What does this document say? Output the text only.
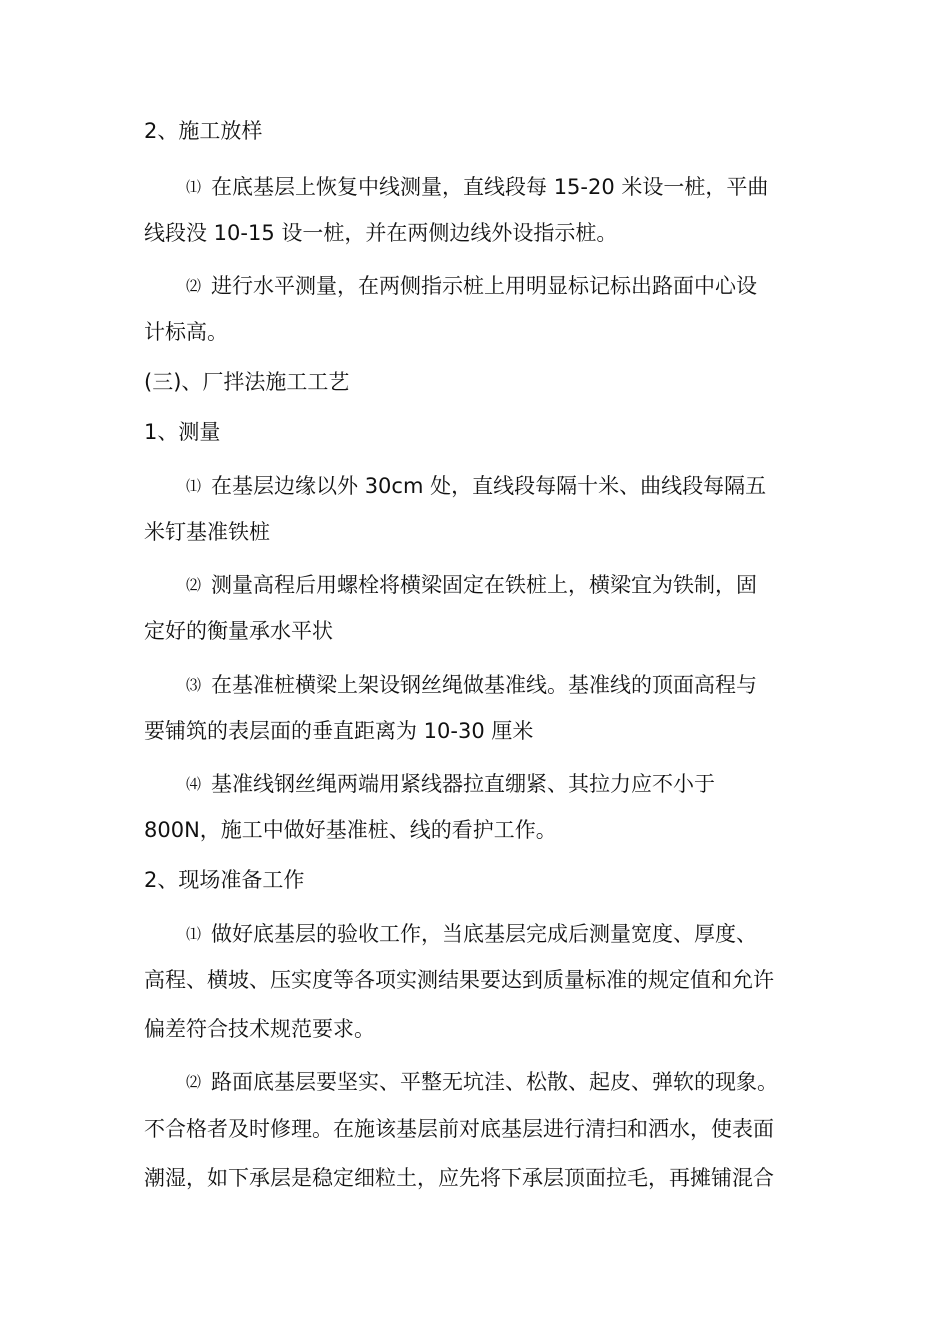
2、施工放样
⑴ 在底基层上恢复中线测量，直线段每 15-20 米设一桩，平曲
线段没 10-15 设一桩，并在两侧边线外设指示桩。
⑵ 进行水平测量，在两侧指示桩上用明显标记标出路面中心设
计标高。
(三)、厂拌法施工工艺
1、测量
⑴ 在基层边缘以外 30cm 处，直线段每隔十米、曲线段每隔五
米钉基准铁桩
⑵ 测量高程后用螺栓将横梁固定在铁桩上，横梁宜为铁制，固
定好的衡量承水平状
⑶ 在基准桩横梁上架设钢丝绳做基准线。基准线的顶面高程与
要铺筑的表层面的垂直距离为 10-30 厘米
⑷ 基准线钢丝绳两端用紧线器拉直绷紧、其拉力应不小于
800N，施工中做好基准桩、线的看护工作。
2、现场准备工作
⑴ 做好底基层的验收工作，当底基层完成后测量宽度、厚度、
高程、横坡、压实度等各项实测结果要达到质量标准的规定值和允许
偏差符合技术规范要求。
⑵ 路面底基层要坚实、平整无坑洼、松散、起皮、弹软的现象。
不合格者及时修理。在施该基层前对底基层进行清扫和洒水，使表面
潮湿，如下承层是稳定细粒土，应先将下承层顶面拉毛，再摊铺混合
